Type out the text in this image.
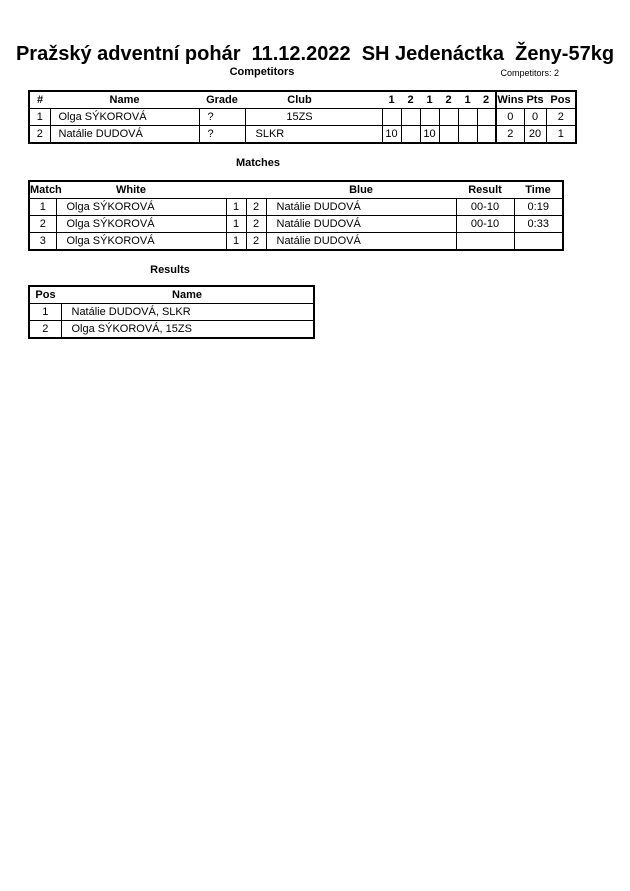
Pražský adventní pohár  11.12.2022  SH Jedenáctka  Ženy-57kg
Competitors	Competitors: 2
#	Name	Grade	Club	1	2	1	2	1	2	Wins	Pts	Pos
1	Olga SÝKOROVÁ	?	15ZS							0	0	2
2	Natálie DUDOVÁ	?	SLKR	10		10				2	20	1
Matches
Match	White			Blue	Result	Time
1	Olga SÝKOROVÁ	1	2	Natálie DUDOVÁ	00-10	0:19
2	Olga SÝKOROVÁ	1	2	Natálie DUDOVÁ	00-10	0:33
3	Olga SÝKOROVÁ	1	2	Natálie DUDOVÁ		
Results
Pos	Name
1	Natálie DUDOVÁ, SLKR
2	Olga SÝKOROVÁ, 15ZS
